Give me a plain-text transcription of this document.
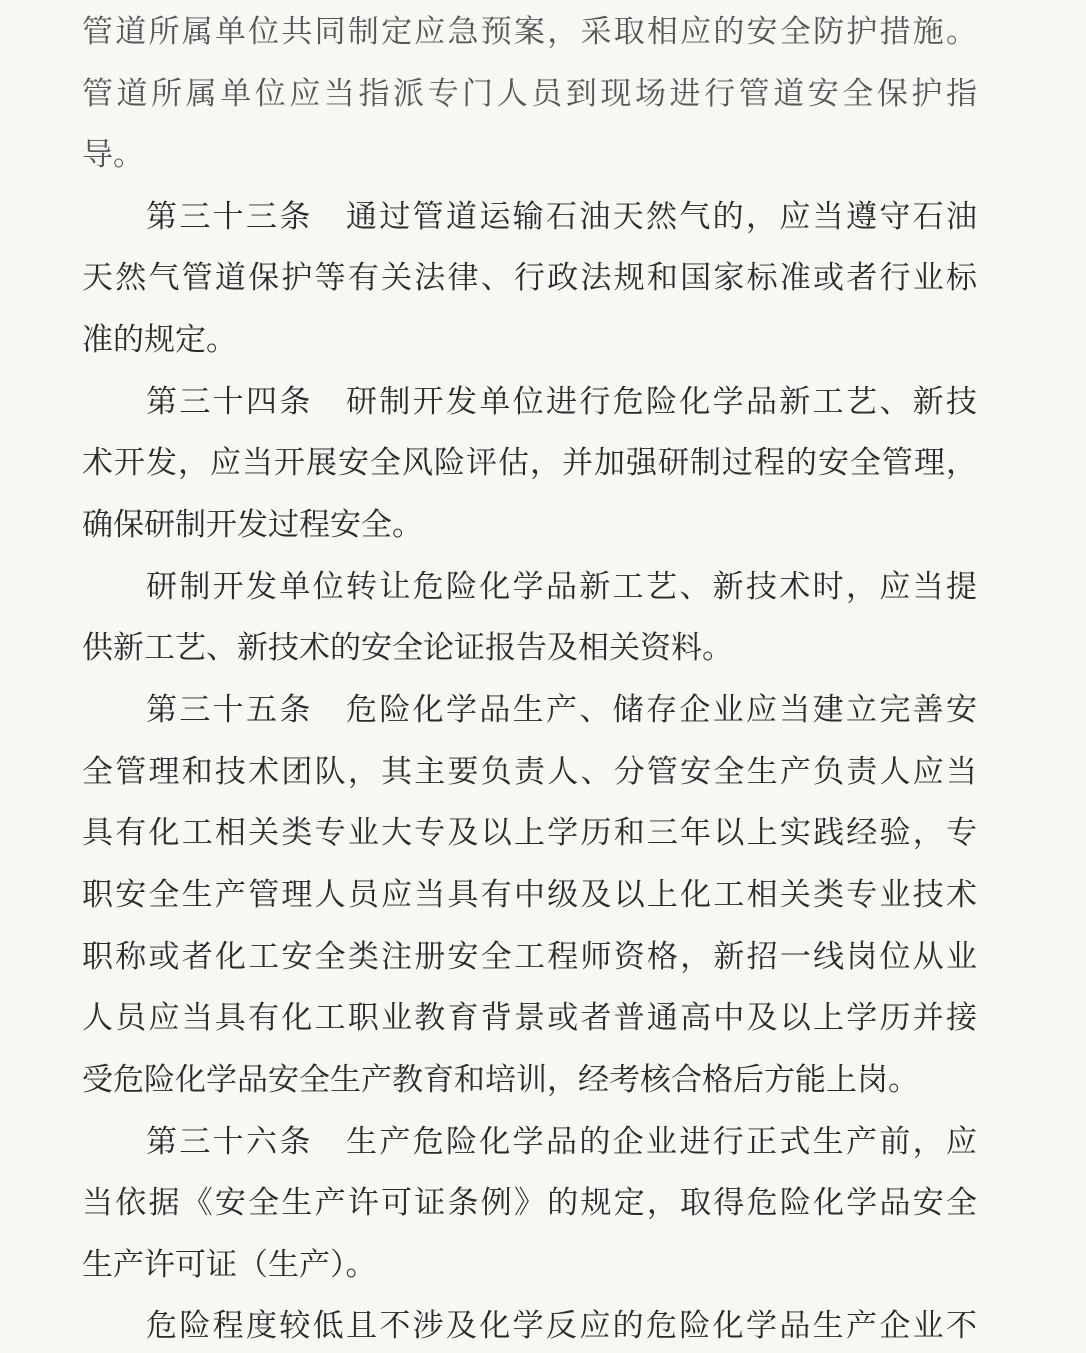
管道所属单位共同制定应急预案，采取相应的安全防护措施。
管道所属单位应当指派专门人员到现场进行管道安全保护指
导。
第三十三条　通过管道运输石油天然气的，应当遵守石油
天然气管道保护等有关法律、行政法规和国家标准或者行业标
准的规定。
第三十四条　研制开发单位进行危险化学品新工艺、新技
术开发，应当开展安全风险评估，并加强研制过程的安全管理，
确保研制开发过程安全。
研制开发单位转让危险化学品新工艺、新技术时，应当提
供新工艺、新技术的安全论证报告及相关资料。
第三十五条　危险化学品生产、储存企业应当建立完善安
全管理和技术团队，其主要负责人、分管安全生产负责人应当
具有化工相关类专业大专及以上学历和三年以上实践经验，专
职安全生产管理人员应当具有中级及以上化工相关类专业技术
职称或者化工安全类注册安全工程师资格，新招一线岗位从业
人员应当具有化工职业教育背景或者普通高中及以上学历并接
受危险化学品安全生产教育和培训，经考核合格后方能上岗。
第三十六条　生产危险化学品的企业进行正式生产前，应
当依据《安全生产许可证条例》的规定，取得危险化学品安全
生产许可证（生产）。
危险程度较低且不涉及化学反应的危险化学品生产企业不
